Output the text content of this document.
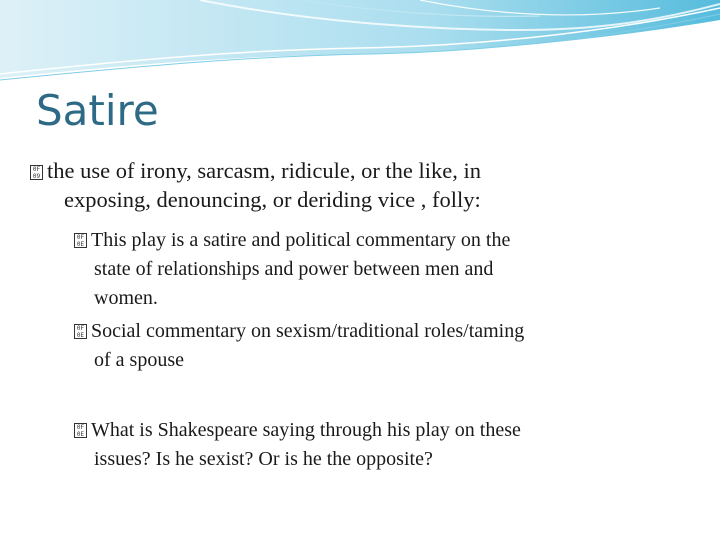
Satire
0F
09 the use of irony, sarcasm, ridicule, or the like, in
exposing, denouncing, or deriding vice , folly:
0F
0E This play is a satire and political commentary on the
state of relationships and power between men and
women.
0F
0E Social commentary on sexism/traditional roles/taming
of a spouse
0F
0E What is Shakespeare saying through his play on these
issues? Is he sexist? Or is he the opposite?
